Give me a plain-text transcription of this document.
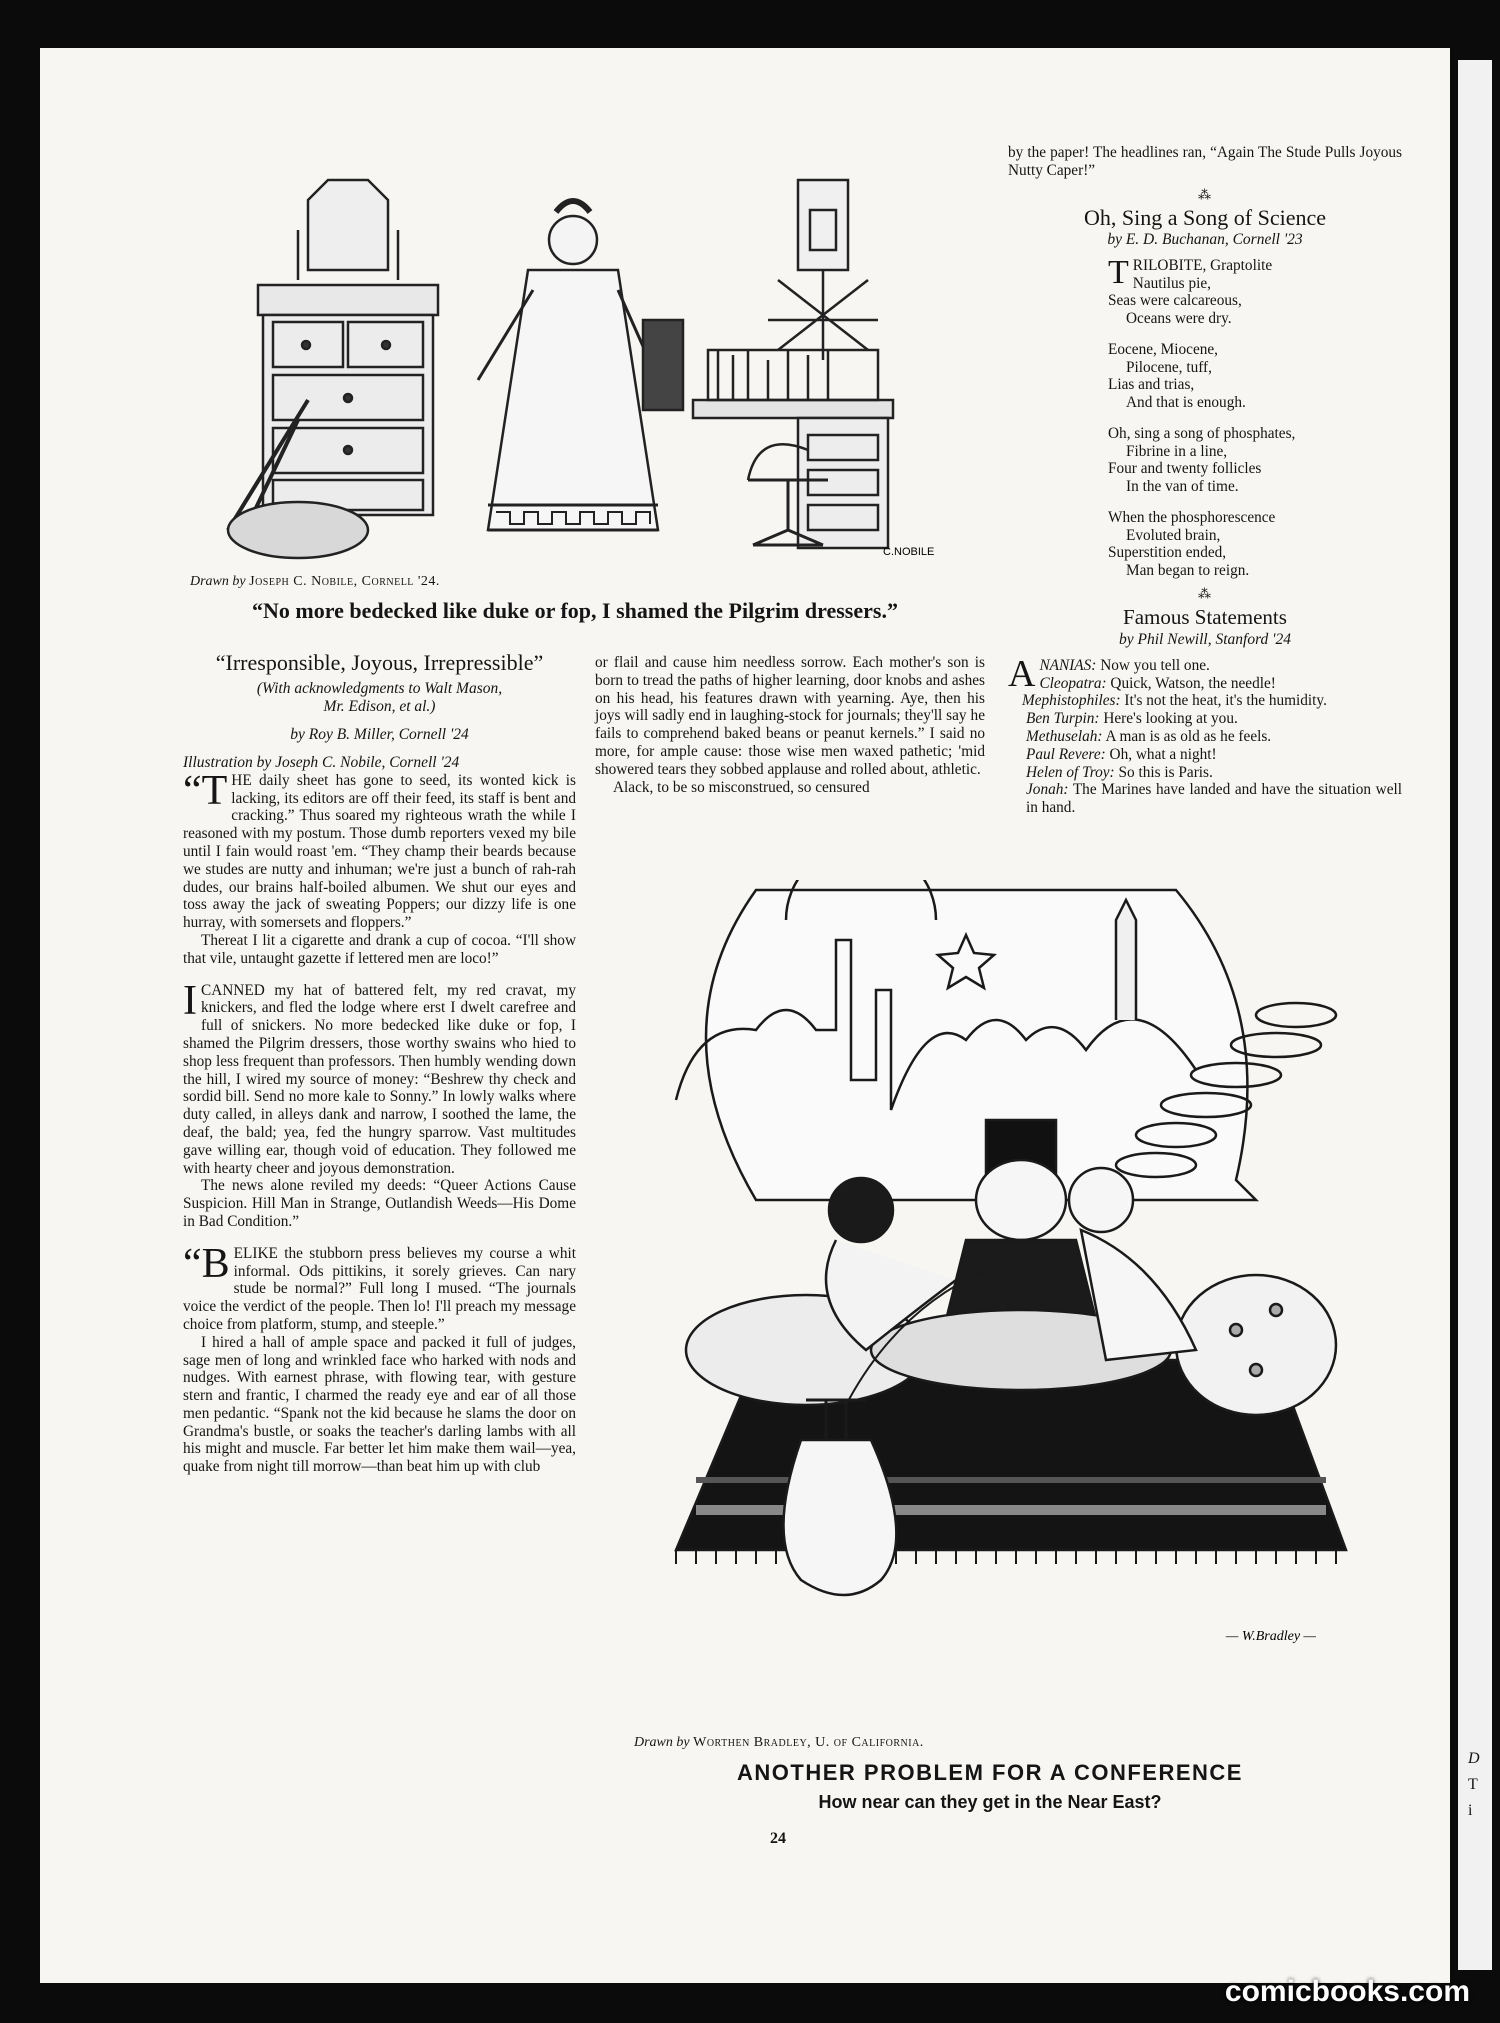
D
T
i
C.NOBILE
Drawn by Joseph C. Nobile, Cornell '24.
“No more bedecked like duke or fop, I shamed the Pilgrim dressers.”
“Irresponsible, Joyous, Irrepressible”
(With acknowledgments to Walt Mason,
Mr. Edison, et al.)
by Roy B. Miller, Cornell '24
Illustration by Joseph C. Nobile, Cornell '24

“THE daily sheet has gone to seed, its wonted kick is lacking, its editors are off their feed, its staff is bent and cracking.” Thus soared my righteous wrath the while I reasoned with my postum. Those dumb reporters vexed my bile until I fain would roast 'em. “They champ their beards because we studes are nutty and inhuman; we're just a bunch of rah-rah dudes, our brains half-boiled albumen. We shut our eyes and toss away the jack of sweating Poppers; our dizzy life is one hurray, with somersets and floppers.”

Thereat I lit a cigarette and drank a cup of cocoa. “I'll show that vile, untaught gazette if lettered men are loco!”

I CANNED my hat of battered felt, my red cravat, my knickers, and fled the lodge where erst I dwelt carefree and full of snickers. No more bedecked like duke or fop, I shamed the Pilgrim dressers, those worthy swains who hied to shop less frequent than professors. Then humbly wending down the hill, I wired my source of money: “Beshrew thy check and sordid bill. Send no more kale to Sonny.” In lowly walks where duty called, in alleys dank and narrow, I soothed the lame, the deaf, the bald; yea, fed the hungry sparrow. Vast multitudes gave willing ear, though void of education. They followed me with hearty cheer and joyous demonstration.

The news alone reviled my deeds: “Queer Actions Cause Suspicion. Hill Man in Strange, Outlandish Weeds—His Dome in Bad Condition.”

“BELIKE the stubborn press believes my course a whit informal. Ods pittikins, it sorely grieves. Can nary stude be normal?” Full long I mused. “The journals voice the verdict of the people. Then lo! I'll preach my message choice from platform, stump, and steeple.”

I hired a hall of ample space and packed it full of judges, sage men of long and wrinkled face who harked with nods and nudges. With earnest phrase, with flowing tear, with gesture stern and frantic, I charmed the ready eye and ear of all those men pedantic. “Spank not the kid because he slams the door on Grandma's bustle, or soaks the teacher's darling lambs with all his might and muscle. Far better let him make them wail—yea, quake from night till morrow—than beat him up with club

or flail and cause him needless sorrow. Each mother's son is born to tread the paths of higher learning, door knobs and ashes on his head, his features drawn with yearning. Aye, then his joys will sadly end in laughing-stock for journals; they'll say he fails to comprehend baked beans or peanut kernels.” I said no more, for ample cause: those wise men waxed pathetic; 'mid showered tears they sobbed applause and rolled about, athletic.

Alack, to be so misconstrued, so censured

by the paper! The headlines ran, “Again The Stude Pulls Joyous Nutty Caper!”

⁂
Oh, Sing a Song of Science
by E. D. Buchanan, Cornell '23
TRILOBITE, Graptolite
Nautilus pie,
Seas were calcareous,
Oceans were dry.
Eocene, Miocene,
Pilocene, tuff,
Lias and trias,
And that is enough.
Oh, sing a song of phosphates,
Fibrine in a line,
Four and twenty follicles
In the van of time.
When the phosphorescence
Evoluted brain,
Superstition ended,
Man began to reign.
⁂
Famous Statements
by Phil Newill, Stanford '24
ANANIAS: Now you tell one.
Cleopatra: Quick, Watson, the needle!
Mephistophiles: It's not the heat, it's the humidity.
Ben Turpin: Here's looking at you.
Methuselah: A man is as old as he feels.
Paul Revere: Oh, what a night!
Helen of Troy: So this is Paris.
Jonah: The Marines have landed and have the situation well in hand.
— W.Bradley —
Drawn by Worthen Bradley, U. of California.
ANOTHER PROBLEM FOR A CONFERENCE
How near can they get in the Near East?
24
comicbooks.com
